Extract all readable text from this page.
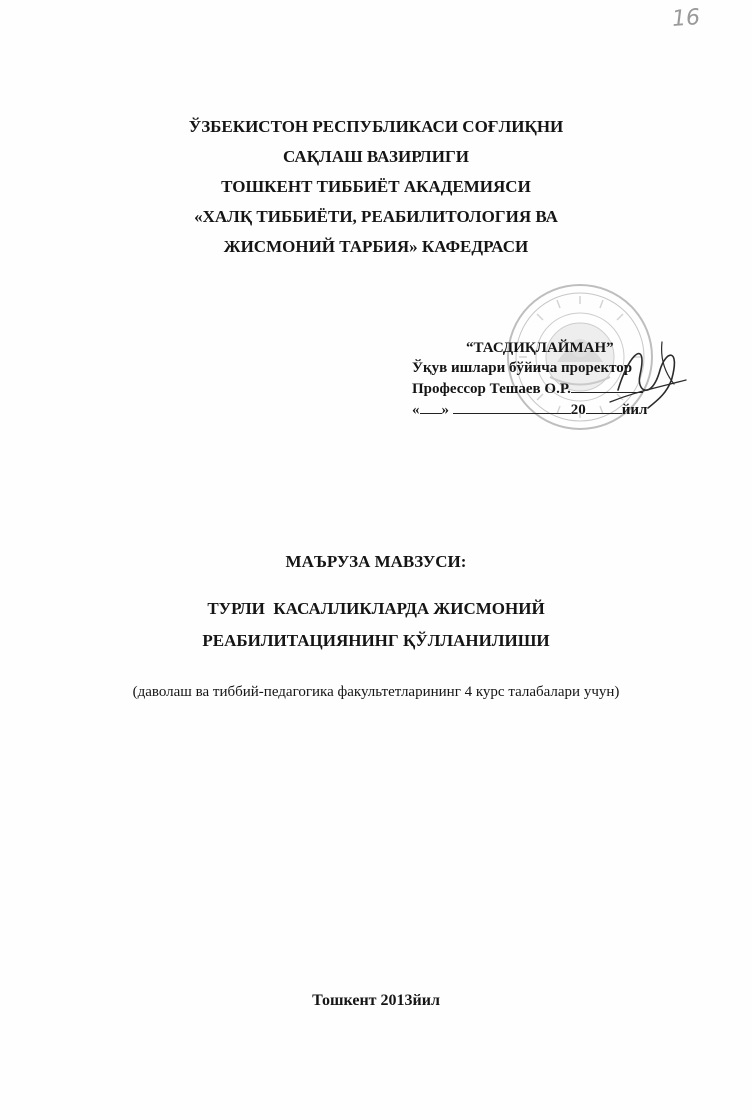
16
ЎЗБЕКИСТОН РЕСПУБЛИКАСИ СОҒЛИҚНИ
САҚЛАШ ВАЗИРЛИГИ
ТОШКЕНТ ТИББИЁТ АКАДЕМИЯСИ
«ХАЛҚ ТИББИЁТИ, РЕАБИЛИТОЛОГИЯ ВА
ЖИСМОНИЙ ТАРБИЯ» КАФЕДРАСИ
“ТАСДИҚЛАЙМАН”
Ўқув ишлари бўйича проректор
Профессор Тешаев О.Р.
« »	20 йил
МАЪРУЗА МАВЗУСИ:
ТУРЛИ  КАСАЛЛИКЛАРДА ЖИСМОНИЙ
РЕАБИЛИТАЦИЯНИНГ ҚЎЛЛАНИЛИШИ
(даволаш ва тиббий-педагогика факультетларининг 4 курс талабалари учун)
Тошкент 2013йил
